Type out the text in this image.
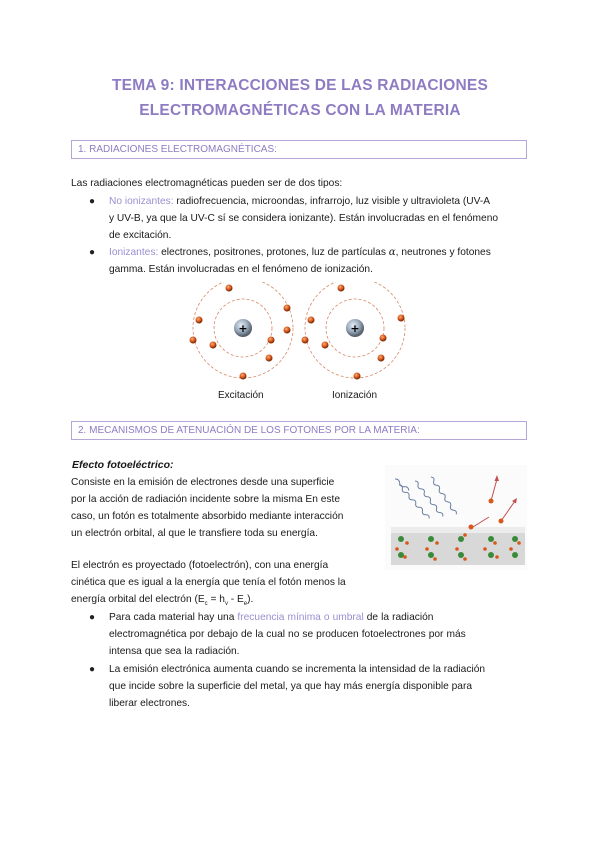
TEMA 9: INTERACCIONES DE LAS RADIACIONES
ELECTROMAGNÉTICAS CON LA MATERIA
1. RADIACIONES ELECTROMAGNÉTICAS:
Las radiaciones electromagnéticas pueden ser de dos tipos:
● No ionizantes: radiofrecuencia, microondas, infrarrojo, luz visible y ultravioleta (UV-A
y UV-B, ya que la UV-C sí se considera ionizante). Están involucradas en el fenómeno
de excitación.
● Ionizantes: electrones, positrones, protones, luz de partículas α, neutrones y fotones
gamma. Están involucradas en el fenómeno de ionización.
+	+
Excitación	Ionización
2. MECANISMOS DE ATENUACIÓN DE LOS FOTONES POR LA MATERIA:
Efecto fotoeléctrico:
Consiste en la emisión de electrones desde una superficie
por la acción de radiación incidente sobre la misma En este
caso, un fotón es totalmente absorbido mediante interacción
un electrón orbital, al que le transfiere toda su energía.
El electrón es proyectado (fotoelectrón), con una energía
cinética que es igual a la energía que tenía el fotón menos la
energía orbital del electrón $(E_c = h_v - E_e)$.
● Para cada material hay una frecuencia mínima o umbral de la radiación
electromagnética por debajo de la cual no se producen fotoelectrones por más
intensa que sea la radiación.
● La emisión electrónica aumenta cuando se incrementa la intensidad de la radiación
que incide sobre la superficie del metal, ya que hay más energía disponible para
liberar electrones.
